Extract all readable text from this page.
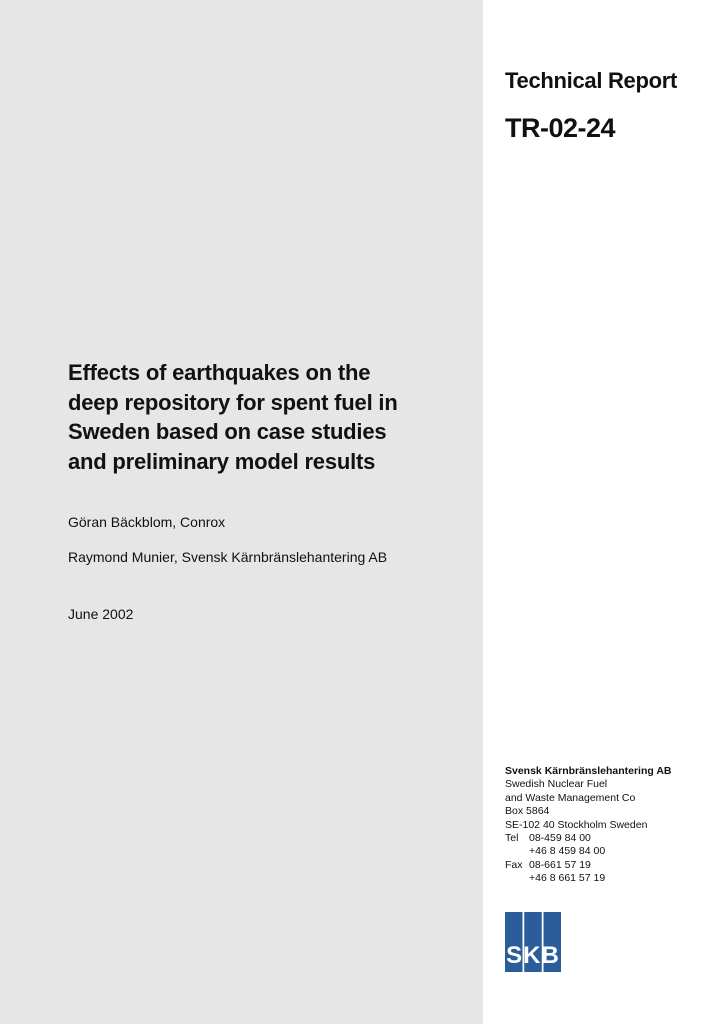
Effects of earthquakes on the
deep repository for spent fuel in
Sweden based on case studies
and preliminary model results
Göran Bäckblom, Conrox
Raymond Munier, Svensk Kärnbränslehantering AB
June 2002
Technical Report
TR-02-24
Svensk Kärnbränslehantering AB
Swedish Nuclear Fuel
and Waste Management Co
Box 5864
SE-102 40 Stockholm Sweden
Tel	08-459 84 00
+46 8 459 84 00
Fax 08-661 57 19
+46 8 661 57 19
SKB
